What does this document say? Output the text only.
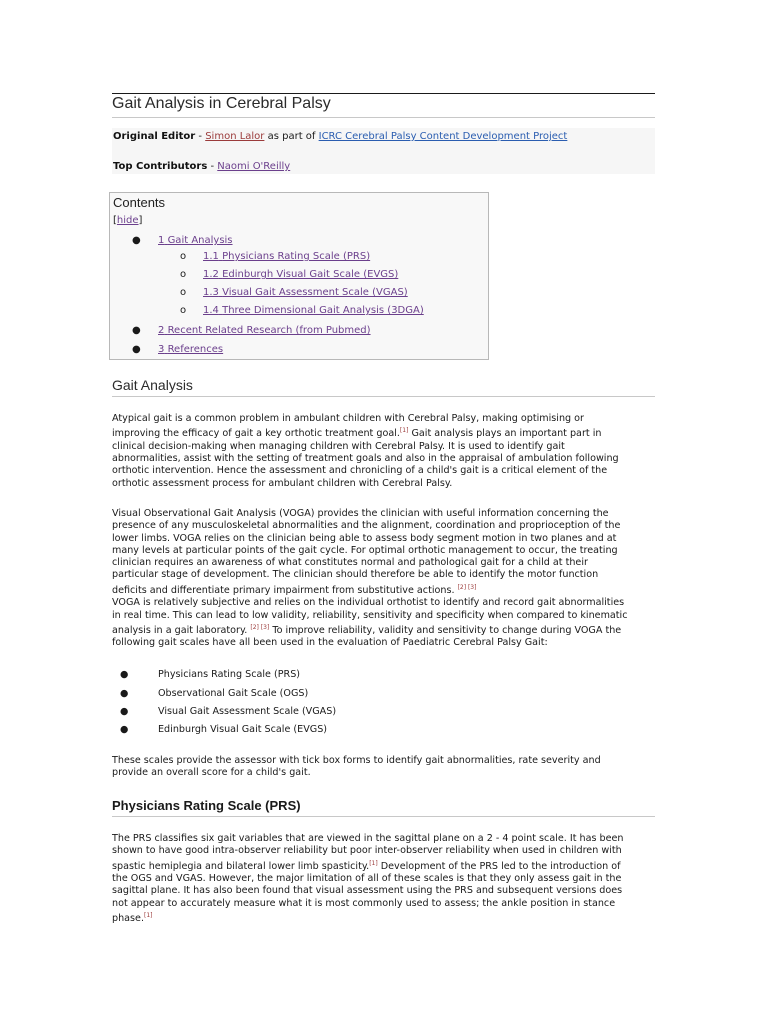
Gait Analysis in Cerebral Palsy
Original Editor - Simon Lalor as part of ICRC Cerebral Palsy Content Development Project
Top Contributors - Naomi O'Reilly
Contents
[hide]
● 1 Gait Analysis
o 1.1 Physicians Rating Scale (PRS)
o 1.2 Edinburgh Visual Gait Scale (EVGS)
o 1.3 Visual Gait Assessment Scale (VGAS)
o 1.4 Three Dimensional Gait Analysis (3DGA)
● 2 Recent Related Research (from Pubmed)
● 3 References
Gait Analysis
Atypical gait is a common problem in ambulant children with Cerebral Palsy, making optimising or
improving the efficacy of gait a key orthotic treatment goal.[1] Gait analysis plays an important part in
clinical decision-making when managing children with Cerebral Palsy. It is used to identify gait
abnormalities, assist with the setting of treatment goals and also in the appraisal of ambulation following
orthotic intervention. Hence the assessment and chronicling of a child's gait is a critical element of the
orthotic assessment process for ambulant children with Cerebral Palsy.
Visual Observational Gait Analysis (VOGA) provides the clinician with useful information concerning the
presence of any musculoskeletal abnormalities and the alignment, coordination and proprioception of the
lower limbs. VOGA relies on the clinician being able to assess body segment motion in two planes and at
many levels at particular points of the gait cycle. For optimal orthotic management to occur, the treating
clinician requires an awareness of what constitutes normal and pathological gait for a child at their
particular stage of development. The clinician should therefore be able to identify the motor function
deficits and differentiate primary impairment from substitutive actions. [2] [3]
VOGA is relatively subjective and relies on the individual orthotist to identify and record gait abnormalities
in real time. This can lead to low validity, reliability, sensitivity and specificity when compared to kinematic
analysis in a gait laboratory. [2] [3] To improve reliability, validity and sensitivity to change during VOGA the
following gait scales have all been used in the evaluation of Paediatric Cerebral Palsy Gait:
●	Physicians Rating Scale (PRS)
●	Observational Gait Scale (OGS)
●	Visual Gait Assessment Scale (VGAS)
●	Edinburgh Visual Gait Scale (EVGS)
These scales provide the assessor with tick box forms to identify gait abnormalities, rate severity and
provide an overall score for a child's gait.
Physicians Rating Scale (PRS)
The PRS classifies six gait variables that are viewed in the sagittal plane on a 2 - 4 point scale. It has been
shown to have good intra-observer reliability but poor inter-observer reliability when used in children with
spastic hemiplegia and bilateral lower limb spasticity.[1] Development of the PRS led to the introduction of
the OGS and VGAS. However, the major limitation of all of these scales is that they only assess gait in the
sagittal plane. It has also been found that visual assessment using the PRS and subsequent versions does
not appear to accurately measure what it is most commonly used to assess; the ankle position in stance
phase.[1]
